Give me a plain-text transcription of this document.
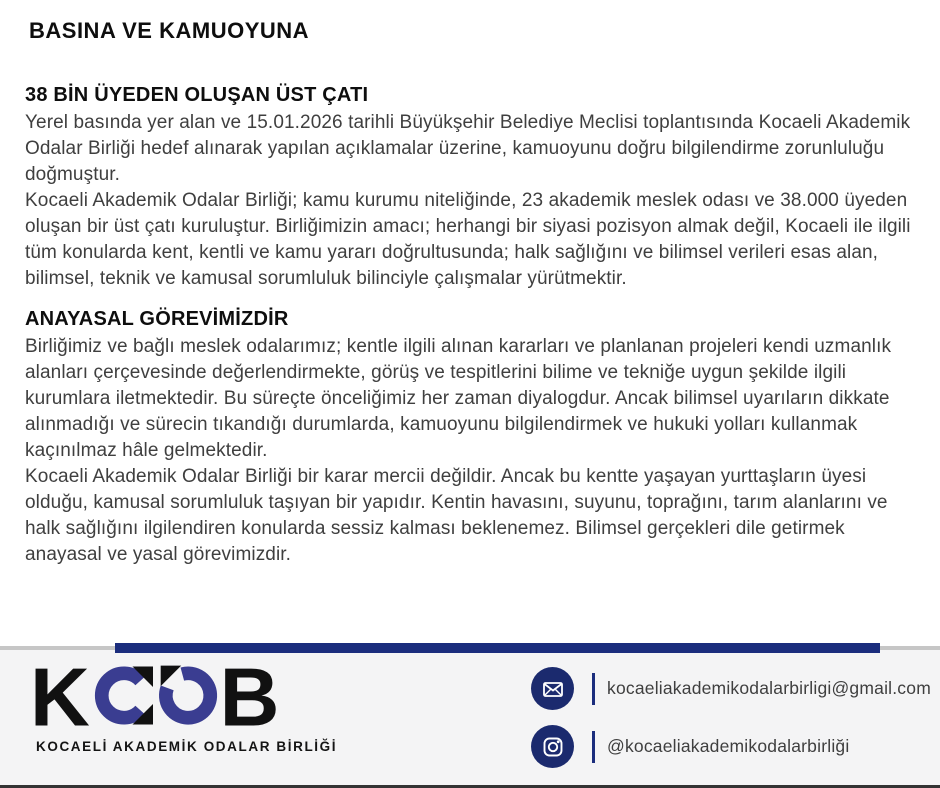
BASINA VE KAMUOYUNA
38 BİN ÜYEDEN OLUŞAN ÜST ÇATI

Yerel basında yer alan ve 15.01.2026 tarihli Büyükşehir Belediye Meclisi toplantısında Kocaeli Akademik Odalar Birliği hedef alınarak yapılan açıklamalar üzerine, kamuoyunu doğru bilgilendirme zorunluluğu doğmuştur.

Kocaeli Akademik Odalar Birliği; kamu kurumu niteliğinde, 23 akademik meslek odası ve 38.000 üyeden oluşan bir üst çatı kuruluştur. Birliğimizin amacı; herhangi bir siyasi pozisyon almak değil, Kocaeli ile ilgili tüm konularda kent, kentli ve kamu yararı doğrultusunda; halk sağlığını ve bilimsel verileri esas alan, bilimsel, teknik ve kamusal sorumluluk bilinciyle çalışmalar yürütmektir.

ANAYASAL GÖREVİMİZDİR

Birliğimiz ve bağlı meslek odalarımız; kentle ilgili alınan kararları ve planlanan projeleri kendi uzmanlık alanları çerçevesinde değerlendirmekte, görüş ve tespitlerini bilime ve tekniğe uygun şekilde ilgili kurumlara iletmektedir. Bu süreçte önceliğimiz her zaman diyalogdur. Ancak bilimsel uyarıların dikkate alınmadığı ve sürecin tıkandığı durumlarda, kamuoyunu bilgilendirmek ve hukuki yolları kullanmak kaçınılmaz hâle gelmektedir.

Kocaeli Akademik Odalar Birliği bir karar mercii değildir. Ancak bu kentte yaşayan yurttaşların üyesi olduğu, kamusal sorumluluk taşıyan bir yapıdır. Kentin havasını, suyunu, toprağını, tarım alanlarını ve halk sağlığını ilgilendiren konularda sessiz kalması beklenemez. Bilimsel gerçekleri dile getirmek anayasal ve yasal görevimizdir.

K B
KOCAELİ AKADEMİK ODALAR BİRLİĞİ
kocaeliakademikodalarbirligi@gmail.com
@kocaeliakademikodalarbirliği
